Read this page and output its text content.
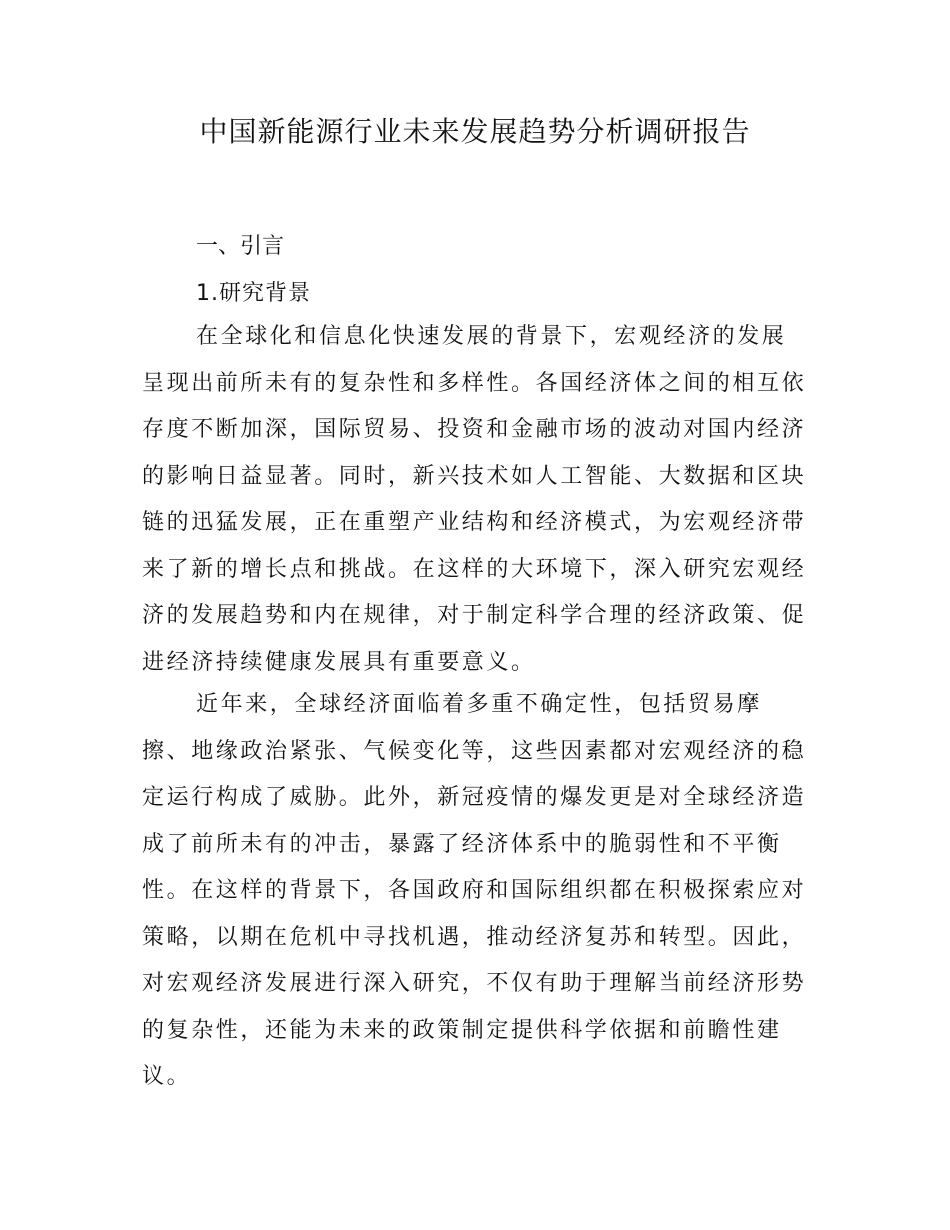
中国新能源行业未来发展趋势分析调研报告
一、引言
1.研究背景
在全球化和信息化快速发展的背景下，宏观经济的发展
呈现出前所未有的复杂性和多样性。各国经济体之间的相互依
存度不断加深，国际贸易、投资和金融市场的波动对国内经济
的影响日益显著。同时，新兴技术如人工智能、大数据和区块
链的迅猛发展，正在重塑产业结构和经济模式，为宏观经济带
来了新的增长点和挑战。在这样的大环境下，深入研究宏观经
济的发展趋势和内在规律，对于制定科学合理的经济政策、促
进经济持续健康发展具有重要意义。
近年来，全球经济面临着多重不确定性，包括贸易摩
擦、地缘政治紧张、气候变化等，这些因素都对宏观经济的稳
定运行构成了威胁。此外，新冠疫情的爆发更是对全球经济造
成了前所未有的冲击，暴露了经济体系中的脆弱性和不平衡
性。在这样的背景下，各国政府和国际组织都在积极探索应对
策略，以期在危机中寻找机遇，推动经济复苏和转型。因此，
对宏观经济发展进行深入研究，不仅有助于理解当前经济形势
的复杂性，还能为未来的政策制定提供科学依据和前瞻性建
议。
